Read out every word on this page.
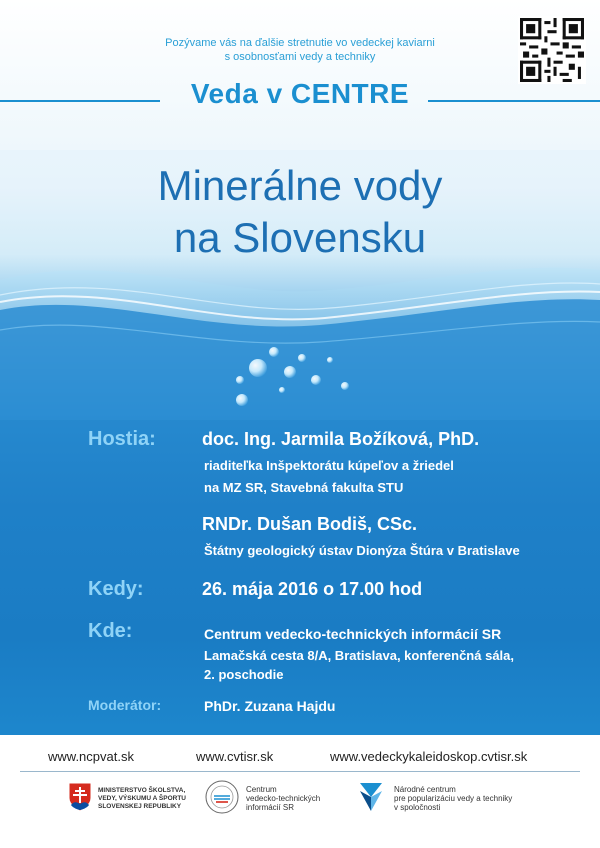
Pozývame vás na ďalšie stretnutie vo vedeckej kaviarni
s osobnosťami vedy a techniky
Veda v CENTRE
Minerálne vody
na Slovensku
Hostia:	doc. Ing. Jarmila Božíková, PhD.
riaditeľka Inšpektorátu kúpeľov a žriedel
na MZ SR, Stavebná fakulta STU
RNDr. Dušan Bodiš, CSc.
Štátny geologický ústav Dionýza Štúra v Bratislave
Kedy:	26. mája 2016 o 17.00 hod
Kde:	Centrum vedecko-technických informácií SR
Lamačská cesta 8/A, Bratislava, konferenčná sála,
2. poschodie
Moderátor:	PhDr. Zuzana Hajdu
www.ncpvat.sk	www.cvtisr.sk	www.vedeckykaleidoskop.cvtisr.sk
MINISTERSTVO ŠKOLSTVA,
VEDY, VÝSKUMU A ŠPORTU
SLOVENSKEJ REPUBLIKY
Centrum
vedecko-technických
informácií SR
Národné centrum
pre popularizáciu vedy a techniky
v spoločnosti
